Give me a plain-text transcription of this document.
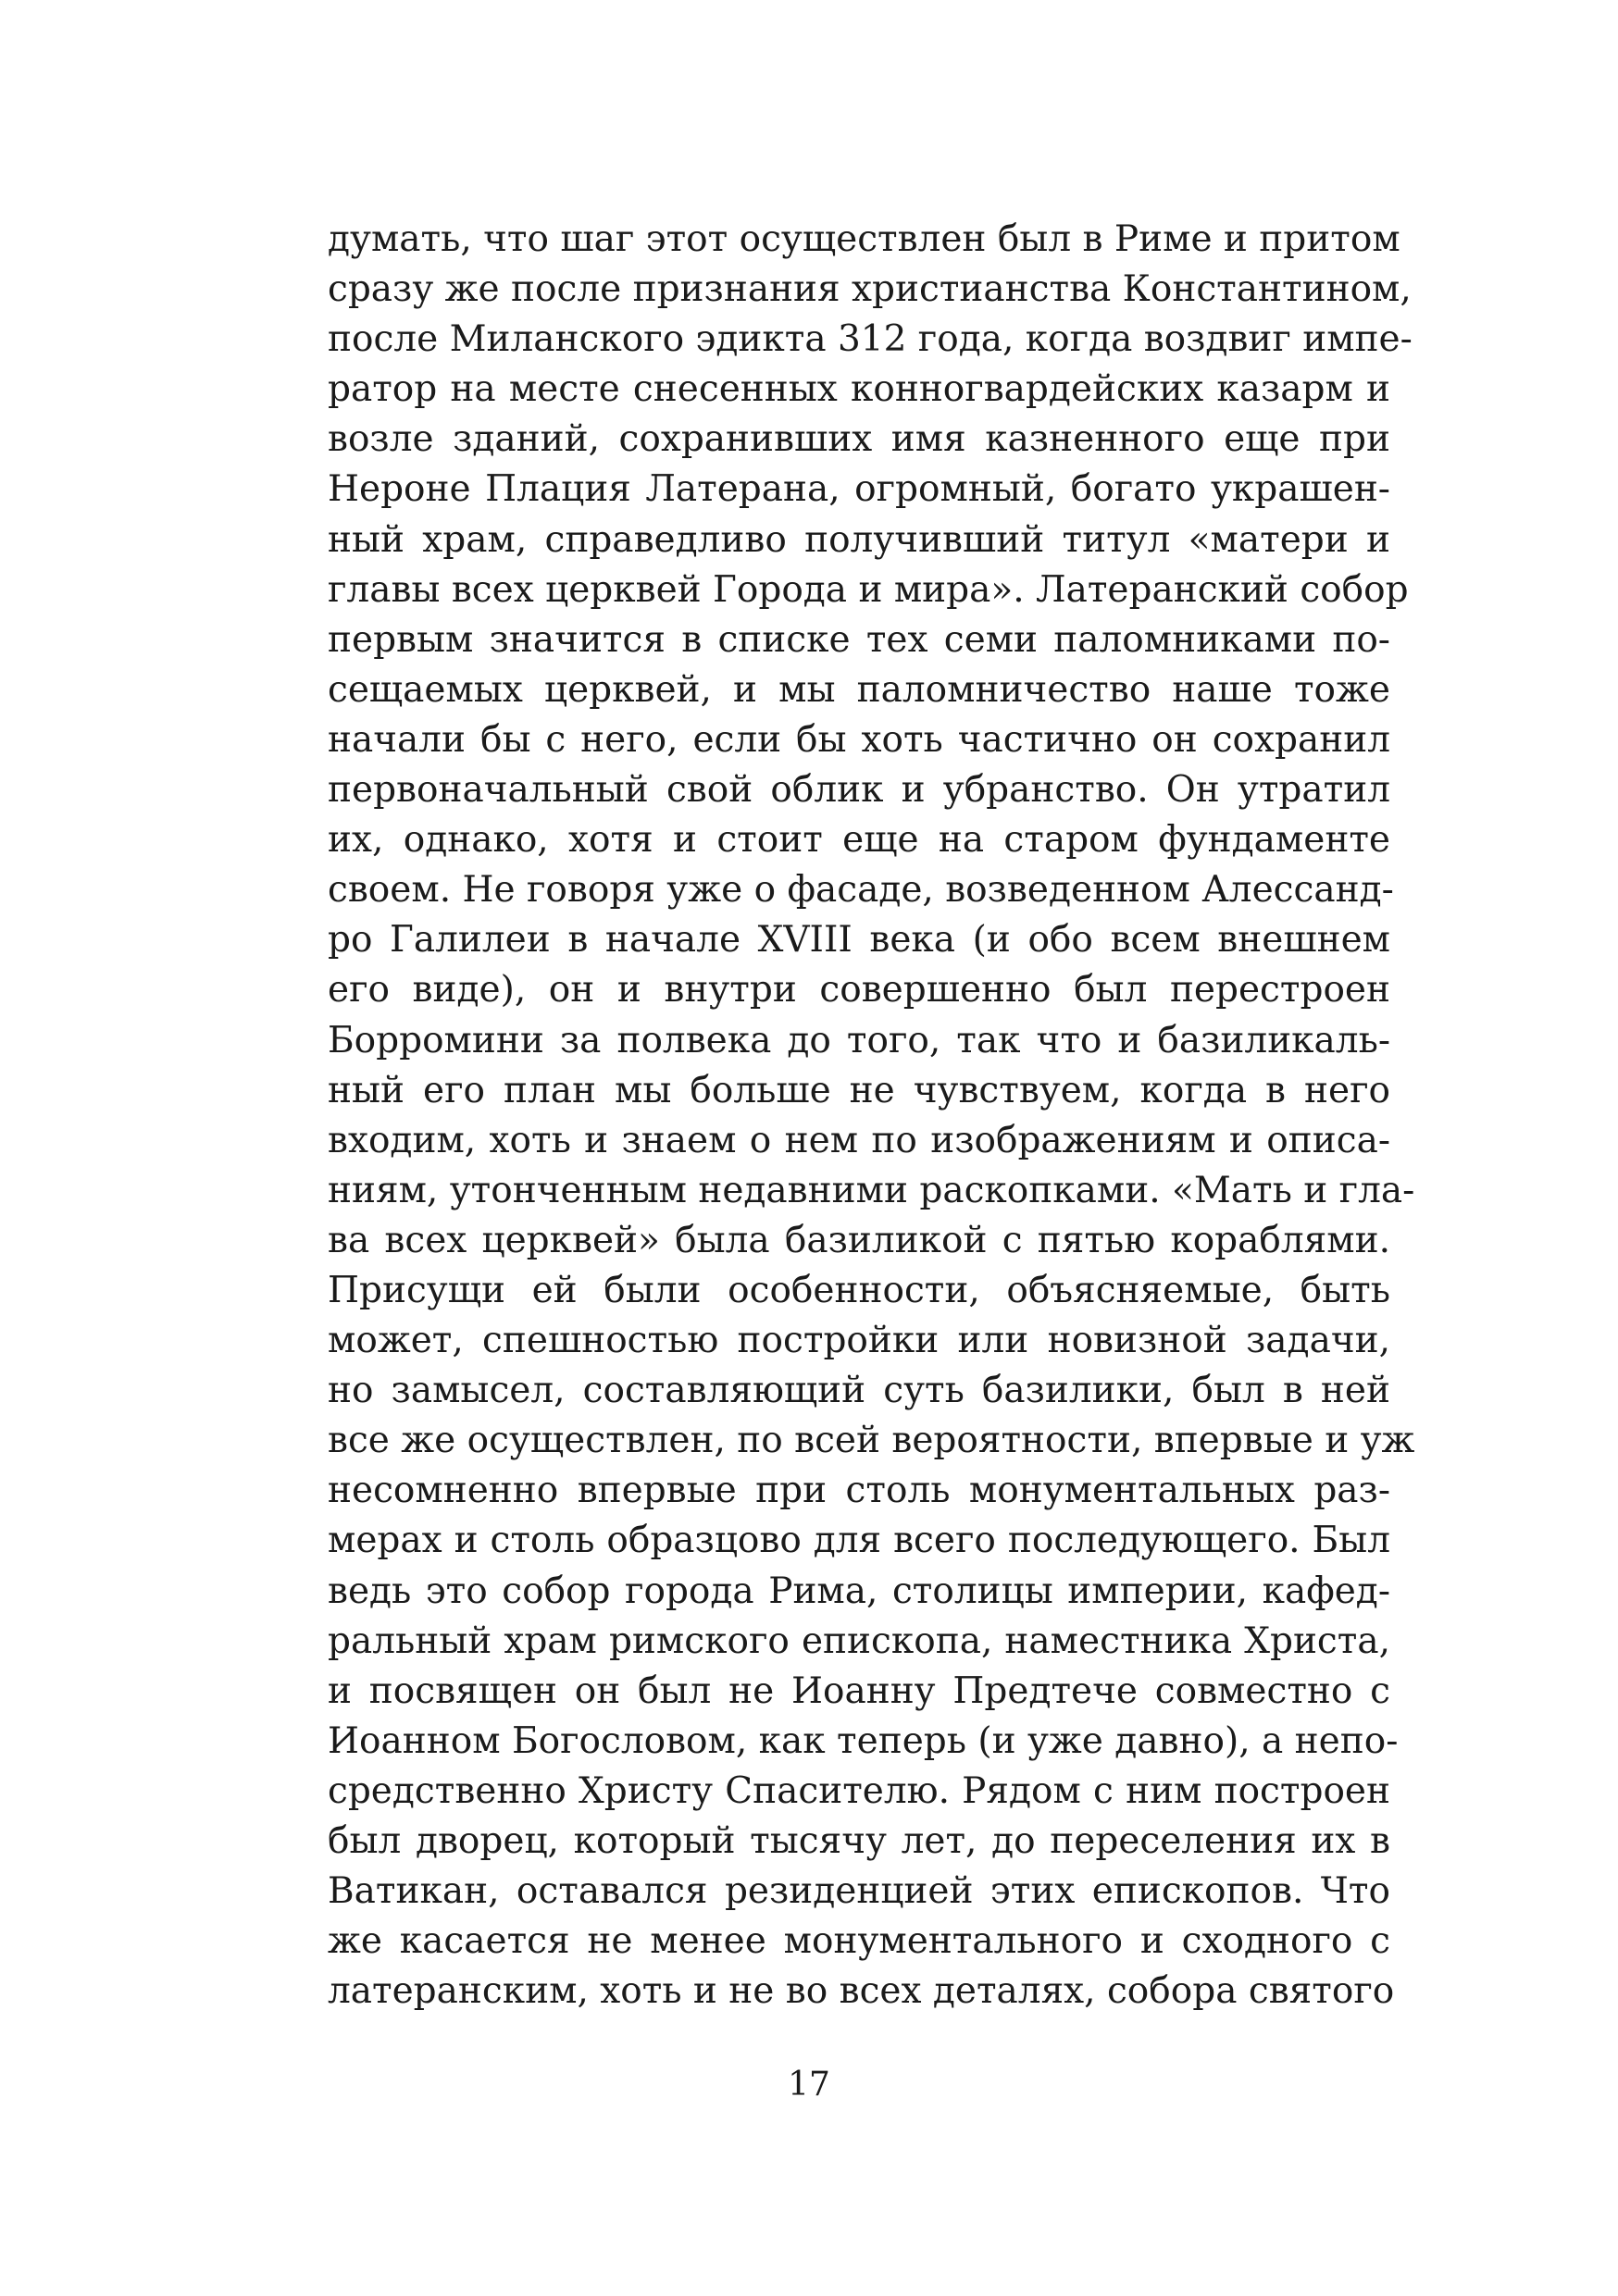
думать, что шаг этот осуществлен был в Риме и притом
сразу же после признания христианства Константином,
после Миланского эдикта 312 года, когда воздвиг импе-
ратор на месте снесенных конногвардейских казарм и
возле зданий, сохранивших имя казненного еще при
Нероне Плация Латерана, огромный, богато украшен-
ный храм, справедливо получивший титул «матери и
главы всех церквей Города и мира». Латеранский собор
первым значится в списке тех семи паломниками по-
сещаемых церквей, и мы паломничество наше тоже
начали бы с него, если бы хоть частично он сохранил
первоначальный свой облик и убранство. Он утратил
их, однако, хотя и стоит еще на старом фундаменте
своем. Не говоря уже о фасаде, возведенном Алессанд-
ро Галилеи в начале XVIII века (и обо всем внешнем
его виде), он и внутри совершенно был перестроен
Борромини за полвека до того, так что и базиликаль-
ный его план мы больше не чувствуем, когда в него
входим, хоть и знаем о нем по изображениям и описа-
ниям, утонченным недавними раскопками. «Мать и гла-
ва всех церквей» была базиликой с пятью кораблями.
Присущи ей были особенности, объясняемые, быть
может, спешностью постройки или новизной задачи,
но замысел, составляющий суть базилики, был в ней
все же осуществлен, по всей вероятности, впервые и уж
несомненно впервые при столь монументальных раз-
мерах и столь образцово для всего последующего. Был
ведь это собор города Рима, столицы империи, кафед-
ральный храм римского епископа, наместника Христа,
и посвящен он был не Иоанну Предтече совместно с
Иоанном Богословом, как теперь (и уже давно), а непо-
средственно Христу Спасителю. Рядом с ним построен
был дворец, который тысячу лет, до переселения их в
Ватикан, оставался резиденцией этих епископов. Что
же касается не менее монументального и сходного с
латеранским, хоть и не во всех деталях, собора святого
17
